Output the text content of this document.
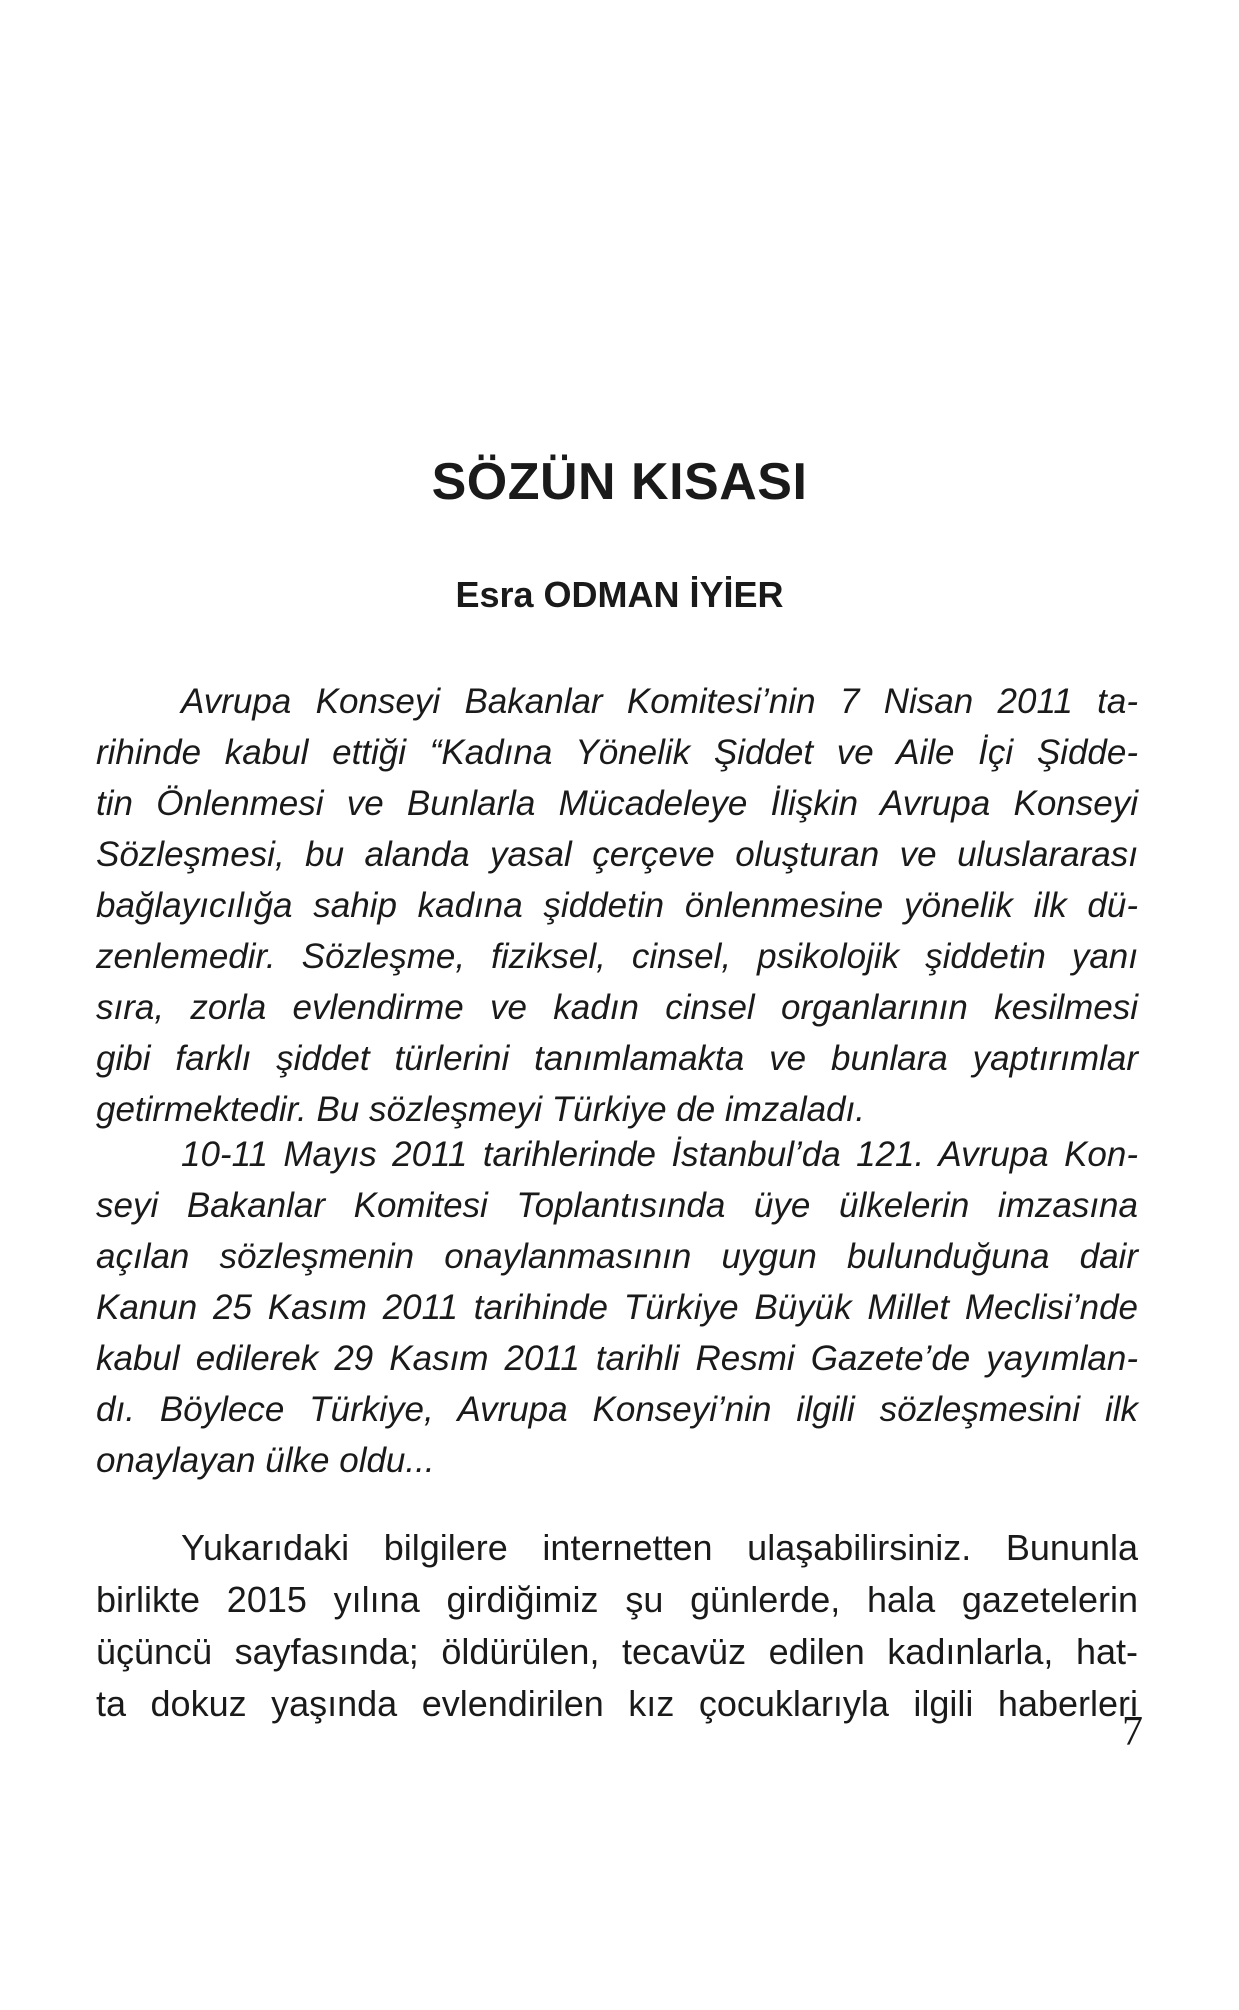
SÖZÜN KISASI
Esra ODMAN İYİER
Avrupa Konseyi Bakanlar Komitesi’nin 7 Nisan 2011 ta-
rihinde kabul ettiği “Kadına Yönelik Şiddet ve Aile İçi Şidde-
tin Önlenmesi ve Bunlarla Mücadeleye İlişkin Avrupa Konseyi
Sözleşmesi, bu alanda yasal çerçeve oluşturan ve uluslararası
bağlayıcılığa sahip kadına şiddetin önlenmesine yönelik ilk dü-
zenlemedir. Sözleşme, fiziksel, cinsel, psikolojik şiddetin yanı
sıra, zorla evlendirme ve kadın cinsel organlarının kesilmesi
gibi farklı şiddet türlerini tanımlamakta ve bunlara yaptırımlar
getirmektedir. Bu sözleşmeyi Türkiye de imzaladı.
10-11 Mayıs 2011 tarihlerinde İstanbul’da 121. Avrupa Kon-
seyi Bakanlar Komitesi Toplantısında üye ülkelerin imzasına
açılan sözleşmenin onaylanmasının uygun bulunduğuna dair
Kanun 25 Kasım 2011 tarihinde Türkiye Büyük Millet Meclisi’nde
kabul edilerek 29 Kasım 2011 tarihli Resmi Gazete’de yayımlan-
dı. Böylece Türkiye, Avrupa Konseyi’nin ilgili sözleşmesini ilk
onaylayan ülke oldu...
Yukarıdaki bilgilere internetten ulaşabilirsiniz. Bununla
birlikte 2015 yılına girdiğimiz şu günlerde, hala gazetelerin
üçüncü sayfasında; öldürülen, tecavüz edilen kadınlarla, hat-
ta dokuz yaşında evlendirilen kız çocuklarıyla ilgili haberleri

7
